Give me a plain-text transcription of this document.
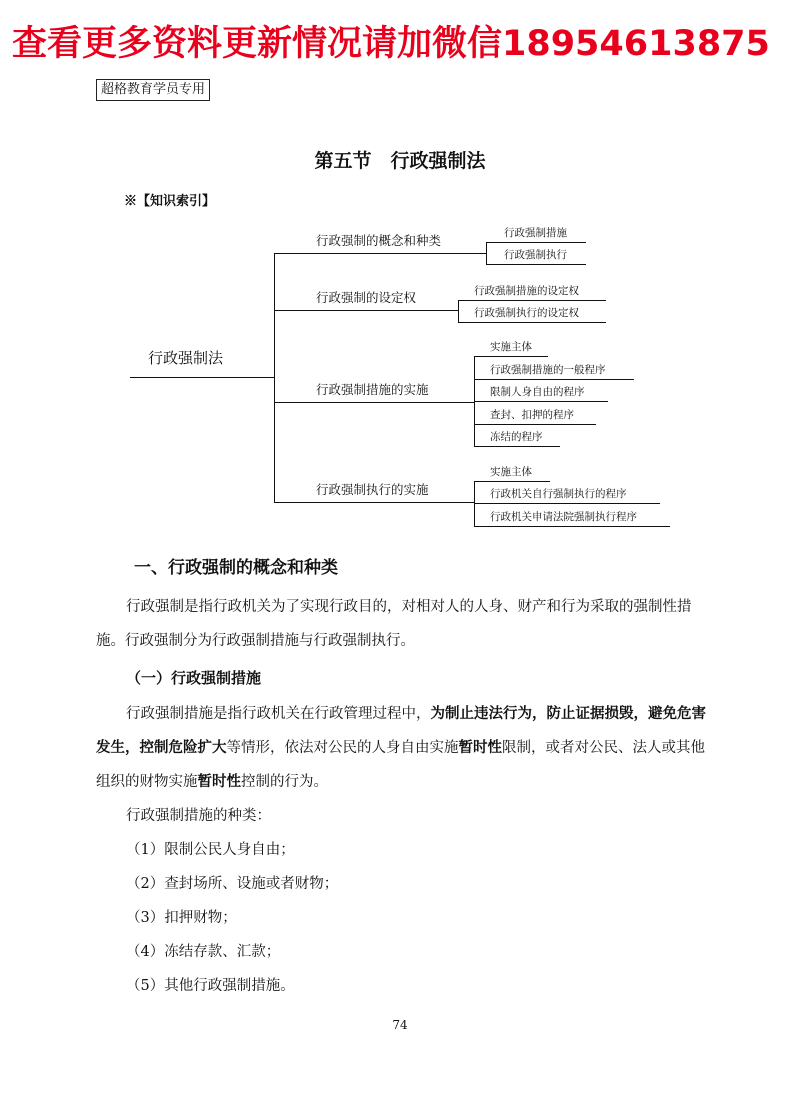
查看更多资料更新情况请加微信18954613875
超格教育学员专用
第五节　行政强制法
※【知识索引】
行政强制法
行政强制的概念和种类	行政强制措施
行政强制执行
行政强制的设定权	行政强制措施的设定权
行政强制执行的设定权
行政强制措施的实施
实施主体
行政强制措施的一般程序
限制人身自由的程序
查封、扣押的程序
冻结的程序
行政强制执行的实施
实施主体
行政机关自行强制执行的程序
行政机关申请法院强制执行程序
一、行政强制的概念和种类

行政强制是指行政机关为了实现行政目的，对相对人的人身、财产和行为采取的强制性措施。行政强制分为行政强制措施与行政强制执行。

（一）行政强制措施

行政强制措施是指行政机关在行政管理过程中，为制止违法行为，防止证据损毁，避免危害发生，控制危险扩大等情形，依法对公民的人身自由实施暂时性限制，或者对公民、法人或其他组织的财物实施暂时性控制的行为。

行政强制措施的种类：
（1）限制公民人身自由；
（2）查封场所、设施或者财物；
（3）扣押财物；
（4）冻结存款、汇款；
（5）其他行政强制措施。
74
